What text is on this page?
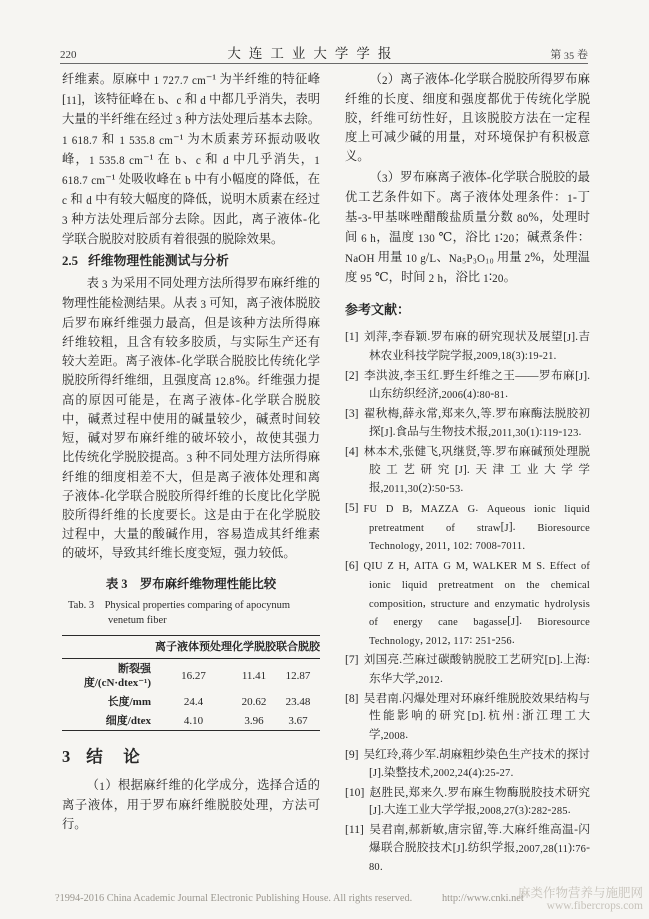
220	大连工业大学学报	第 35 卷

纤维素。原麻中 1 727.7 cm⁻¹ 为半纤维的特征峰[11]，该特征峰在 b、c 和 d 中都几乎消失，表明大量的半纤维在经过 3 种方法处理后基本去除。1 618.7 和 1 535.8 cm⁻¹ 为木质素芳环振动吸收峰，1 535.8 cm⁻¹ 在 b、c 和 d 中几乎消失，1 618.7 cm⁻¹ 处吸收峰在 b 中有小幅度的降低，在 c 和 d 中有较大幅度的降低，说明木质素在经过 3 种方法处理后部分去除。因此，离子液体-化学联合脱胶对胶质有着很强的脱除效果。

2.5 纤维物理性能测试与分析

表 3 为采用不同处理方法所得罗布麻纤维的物理性能检测结果。从表 3 可知，离子液体脱胶后罗布麻纤维强力最高，但是该种方法所得麻纤维较粗，且含有较多胶质，与实际生产还有较大差距。离子液体-化学联合脱胶比传统化学脱胶所得纤维细，且强度高 12.8%。纤维强力提高的原因可能是，在离子液体-化学联合脱胶中，碱煮过程中使用的碱量较少，碱煮时间较短，碱对罗布麻纤维的破坏较小，故使其强力比传统化学脱胶提高。3 种不同处理方法所得麻纤维的细度相差不大，但是离子液体处理和离子液体-化学联合脱胶所得纤维的长度比化学脱胶所得纤维的长度要长。这是由于在化学脱胶过程中，大量的酸碱作用，容易造成其纤维素的破坏，导致其纤维长度变短，强力较低。

表 3　罗布麻纤维物理性能比较

Tab. 3　Physical properties comparing of apocynum venetum fiber

	离子液体预处理	化学脱胶	联合脱胶
断裂强度/(cN·dtex⁻¹)	16.27	11.41	12.87
长度/mm	24.4	20.62	23.48
细度/dtex	4.10	3.96	3.67
3 结　论

（1）根据麻纤维的化学成分，选择合适的离子液体，用于罗布麻纤维脱胶处理，方法可行。

（2）离子液体-化学联合脱胶所得罗布麻纤维的长度、细度和强度都优于传统化学脱胶，纤维可纺性好，且该脱胶方法在一定程度上可减少碱的用量，对环境保护有积极意义。

（3）罗布麻离子液体-化学联合脱胶的最优工艺条件如下。离子液体处理条件：1-丁基-3-甲基咪唑醋酸盐质量分数 80%，处理时间 6 h，温度 130 ℃，浴比 1∶20；碱煮条件：NaOH 用量 10 g/L、Na₅P₃O₁₀ 用量 2%，处理温度 95 ℃，时间 2 h，浴比 1∶20。

参考文献：
[1] 刘萍,李春颖.罗布麻的研究现状及展望[J].吉林农业科技学院学报,2009,18(3):19-21.
[2] 李洪波,李玉红.野生纤维之王——罗布麻[J].山东纺织经济,2006(4):80-81.
[3] 翟秋梅,薛永常,郑来久,等.罗布麻酶法脱胶初探[J].食品与生物技术报,2011,30(1):119-123.
[4] 林本术,张健飞,巩继贤,等.罗布麻碱预处理脱胶工艺研究[J].天津工业大学学报,2011,30(2):50-53.
[5] FU D B, MAZZA G. Aqueous ionic liquid pretreatment of straw[J]. Bioresource Technology, 2011, 102: 7008-7011.
[6] QIU Z H, AITA G M, WALKER M S. Effect of ionic liquid pretreatment on the chemical composition, structure and enzymatic hydrolysis of energy cane bagasse[J]. Bioresource Technology, 2012, 117: 251-256.
[7] 刘国亮.苎麻过碳酸钠脱胶工艺研究[D].上海:东华大学,2012.
[8] 吴君南.闪爆处理对环麻纤维脱胶效果结构与性能影响的研究[D].杭州:浙江理工大学,2008.
[9] 吴红玲,蒋少军.胡麻粗纱染色生产技术的探讨[J].染整技术,2002,24(4):25-27.
[10] 赵胜民,郑来久.罗布麻生物酶脱胶技术研究[J].大连工业大学学报,2008,27(3):282-285.
[11] 吴君南,郝新敏,唐宗留,等.大麻纤维高温-闪爆联合脱胶技术[J].纺织学报,2007,28(11):76-80.
?1994-2016 China Academic Journal Electronic Publishing House. All rights reserved.	http://www.cnki.net
麻类作物营养与施肥网
www.fibercrops.com
